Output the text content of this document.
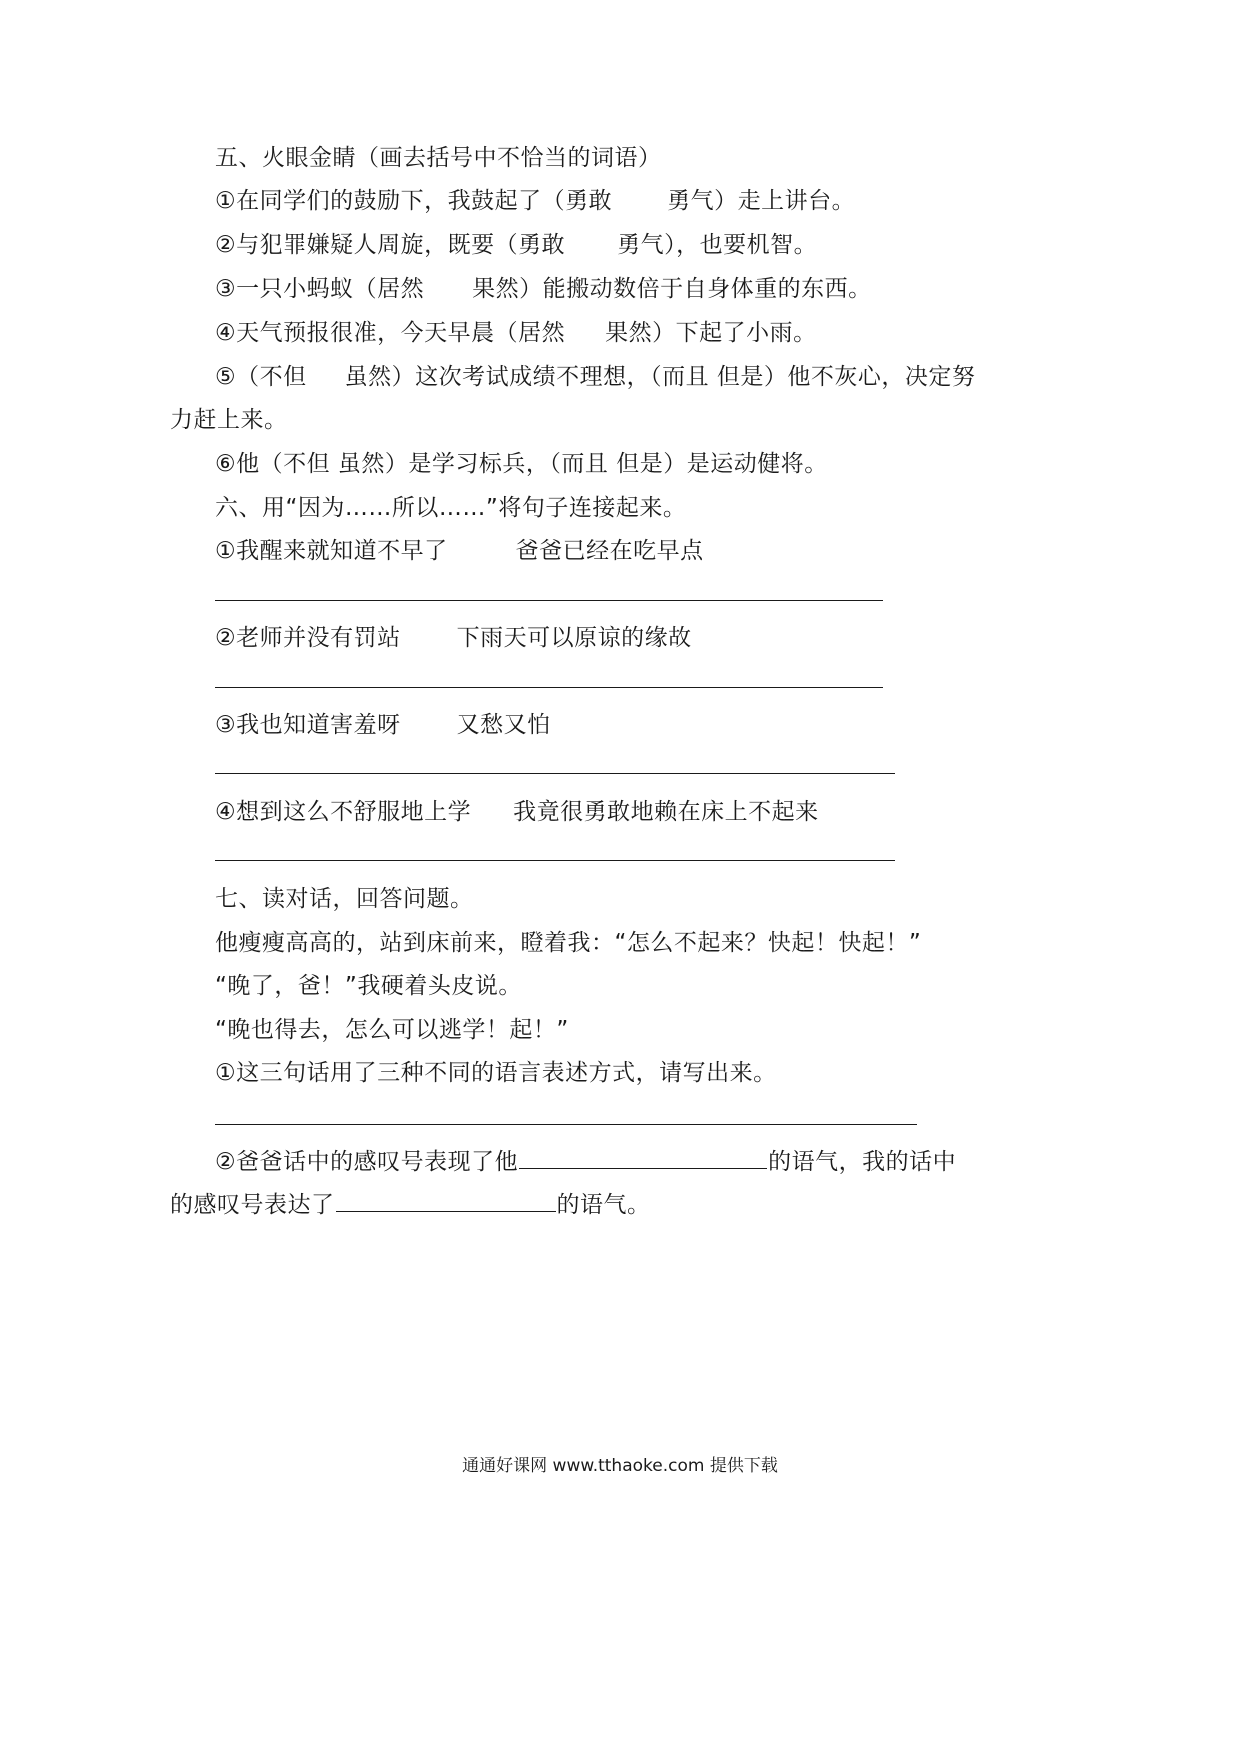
五、火眼金睛（画去括号中不恰当的词语）
①在同学们的鼓励下，我鼓起了（勇敢 勇气）走上讲台。
②与犯罪嫌疑人周旋，既要（勇敢 勇气），也要机智。
③一只小蚂蚁（居然 果然）能搬动数倍于自身体重的东西。
④天气预报很准，今天早晨（居然 果然）下起了小雨。
⑤（不但 虽然）这次考试成绩不理想，（而且 但是）他不灰心，决定努
力赶上来。
⑥他（不但 虽然）是学习标兵，（而且 但是）是运动健将。
六、用“因为……所以……”将句子连接起来。
①我醒来就知道不早了	爸爸已经在吃早点
②老师并没有罚站 下雨天可以原谅的缘故
③我也知道害羞呀 又愁又怕
④想到这么不舒服地上学 我竟很勇敢地赖在床上不起来
七、读对话，回答问题。
他瘦瘦高高的，站到床前来，瞪着我：“怎么不起来？快起！快起！”
“晚了，爸！”我硬着头皮说。
“晚也得去，怎么可以逃学！起！”
①这三句话用了三种不同的语言表述方式，请写出来。
②爸爸话中的感叹号表现了他	的语气，我的话中
的感叹号表达了	的语气。
通通好课网 www.tthaoke.com 提供下载
